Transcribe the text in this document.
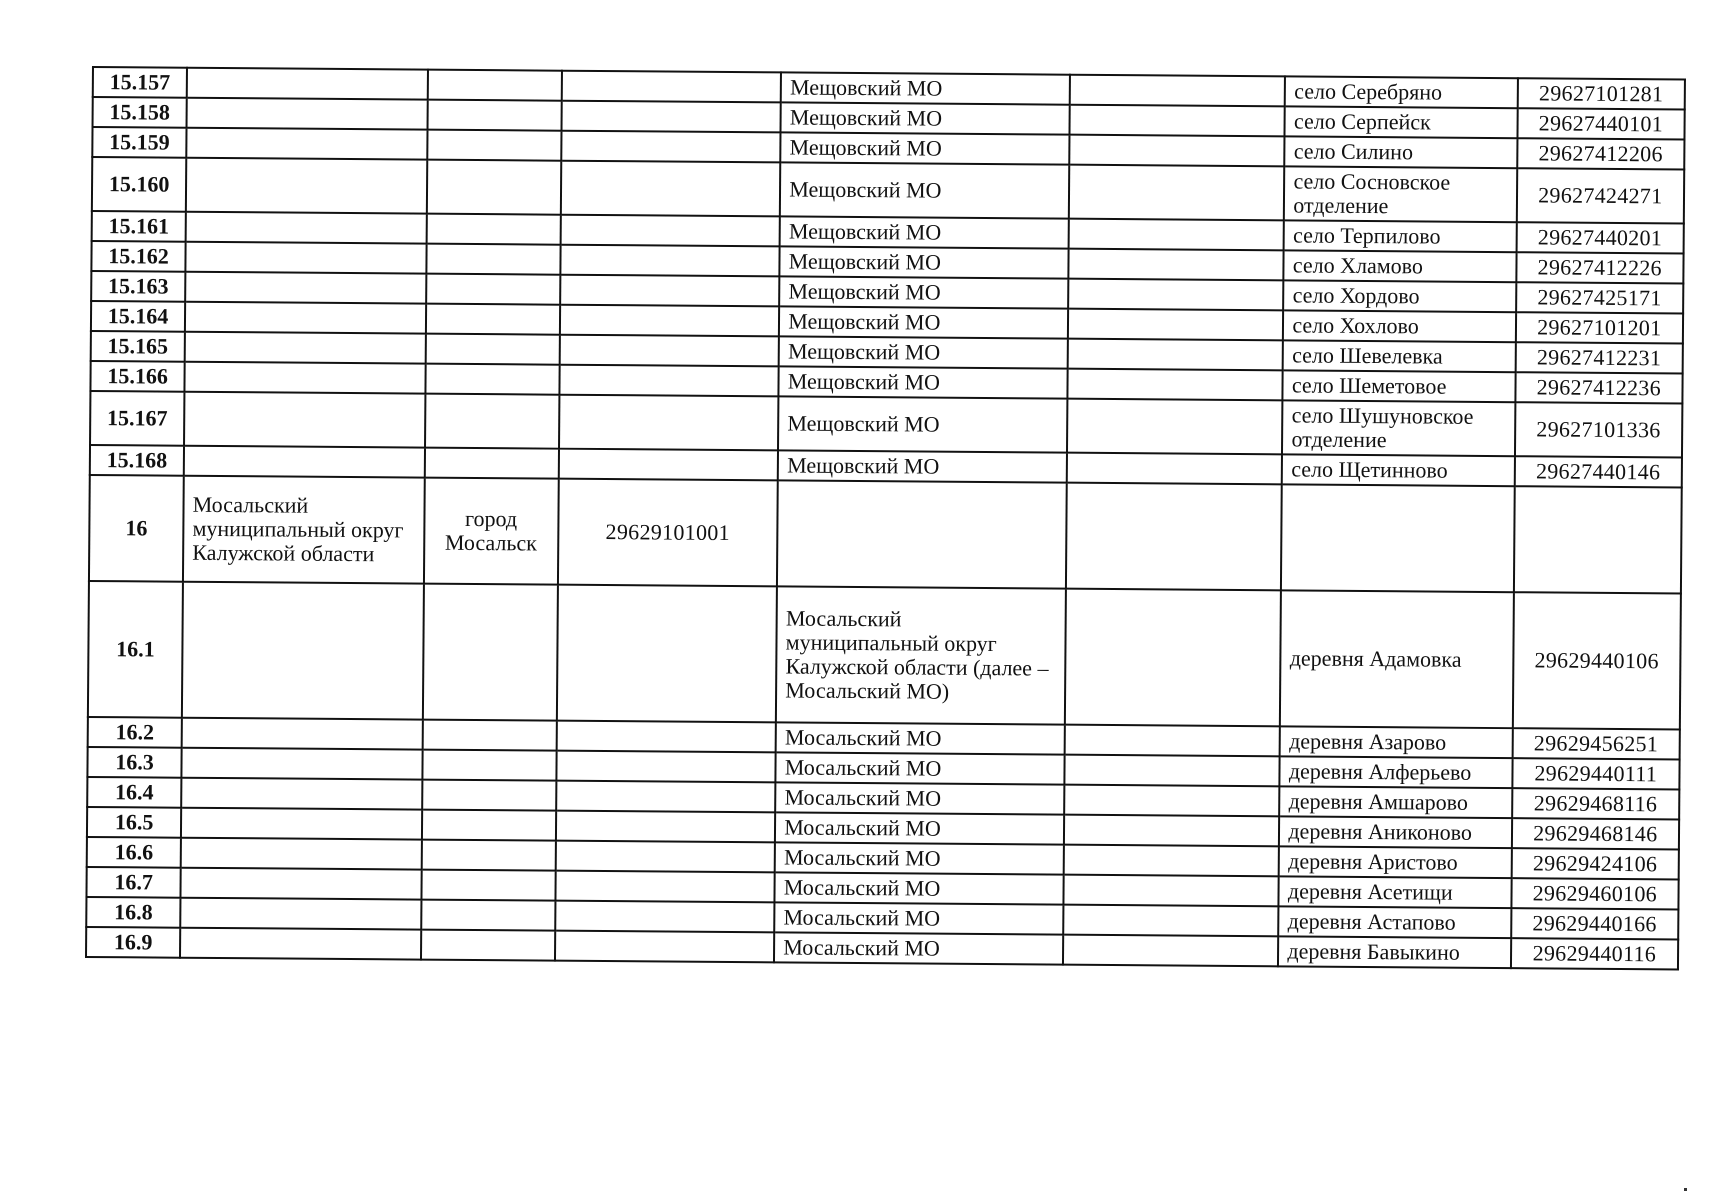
15.157				Мещовский МО		село Серебряно	29627101281
15.158				Мещовский МО		село Серпейск	29627440101
15.159				Мещовский МО		село Силино	29627412206
15.160				Мещовский МО		село Сосновское отделение	29627424271
15.161				Мещовский МО		село Терпилово	29627440201
15.162				Мещовский МО		село Хламово	29627412226
15.163				Мещовский МО		село Хордово	29627425171
15.164				Мещовский МО		село Хохлово	29627101201
15.165				Мещовский МО		село Шевелевка	29627412231
15.166				Мещовский МО		село Шеметовое	29627412236
15.167				Мещовский МО		село Шушуновское отделение	29627101336
15.168				Мещовский МО		село Щетинново	29627440146
16	Мосальский муниципальный округ Калужской области	город Мосальск	29629101001				
16.1				Мосальский муниципальный округ Калужской области (далее – Мосальский МО)		деревня Адамовка	29629440106
16.2				Мосальский МО		деревня Азарово	29629456251
16.3				Мосальский МО		деревня Алферьево	29629440111
16.4				Мосальский МО		деревня Амшарово	29629468116
16.5				Мосальский МО		деревня Аниконово	29629468146
16.6				Мосальский МО		деревня Аристово	29629424106
16.7				Мосальский МО		деревня Асетищи	29629460106
16.8				Мосальский МО		деревня Астапово	29629440166
16.9				Мосальский МО		деревня Бавыкино	29629440116
